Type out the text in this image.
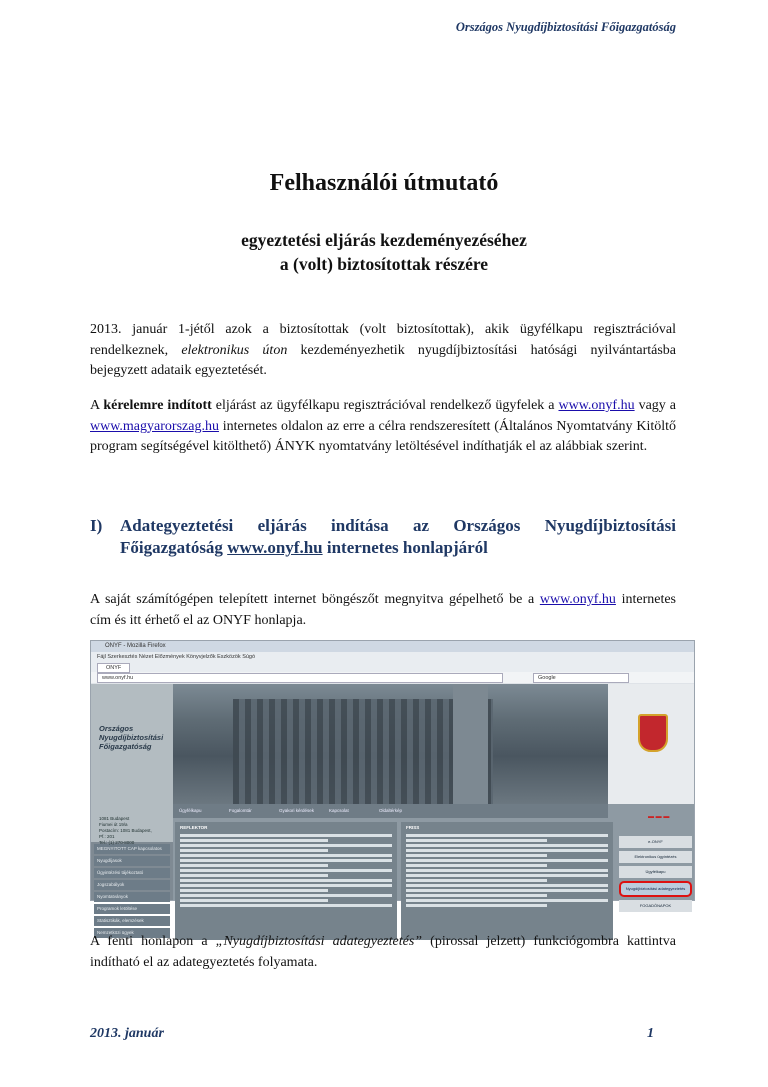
Országos Nyugdíjbiztosítási Főigazgatóság
Felhasználói útmutató
egyeztetési eljárás kezdeményezéséhez
a (volt) biztosítottak részére
2013. január 1-jétől azok a biztosítottak (volt biztosítottak), akik ügyfélkapu regisztrációval rendelkeznek, elektronikus úton kezdeményezhetik nyugdíjbiztosítási hatósági nyilvántartásba bejegyzett adataik egyeztetését.
A kérelemre indított eljárást az ügyfélkapu regisztrációval rendelkező ügyfelek a www.onyf.hu vagy a www.magyarorszag.hu internetes oldalon az erre a célra rendszeresített (Általános Nyomtatvány Kitöltő program segítségével kitölthető) ÁNYK nyomtatvány letöltésével indíthatják el az alábbiak szerint.
I) Adategyeztetési eljárás indítása az Országos Nyugdíjbiztosítási Főigazgatóság www.onyf.hu internetes honlapjáról
A saját számítógépen telepített internet böngészőt megnyitva gépelhető be a www.onyf.hu internetes cím és itt érhető el az ONYF honlapja.
ONYF - Mozilla Firefox
Fájl Szerkesztés Nézet Előzmények Könyvjelzők Eszközök Súgó
ONYF
www.onyf.hu	Google
Országos Nyugdíjbiztosítási Főigazgatóság
1081 Budapest
Fiumei út 19/a
Postacím: 1081 Budapest,
Pf.: 201
Tel.: (1) 270-8000
MEGNYITOTT CAP kapcsolatos
Nyugdíjasok
Ügyintézési tájékoztató
Jogszabályok
Nyomtatványok
Programok letöltése
Statisztikák, elemzések
Nemzetközi ügyek
▬ ▬ ▬
Ügyfélkapu	Fogalomtár	Gyakori kérdések	Kapcsolat	Oldaltérkép
REFLEKTOR	FRISS
e-ONYF
Elektronikus ügyintézés
Ügyfélkapu
Nyugdíjbiztosítási adategyeztetés
FOGADÓNAPOK
A fenti honlapon a „Nyugdíjbiztosítási adategyeztetés” (pirossal jelzett) funkciógombra kattintva indítható el az adategyeztetés folyamata.
2013. január	1
